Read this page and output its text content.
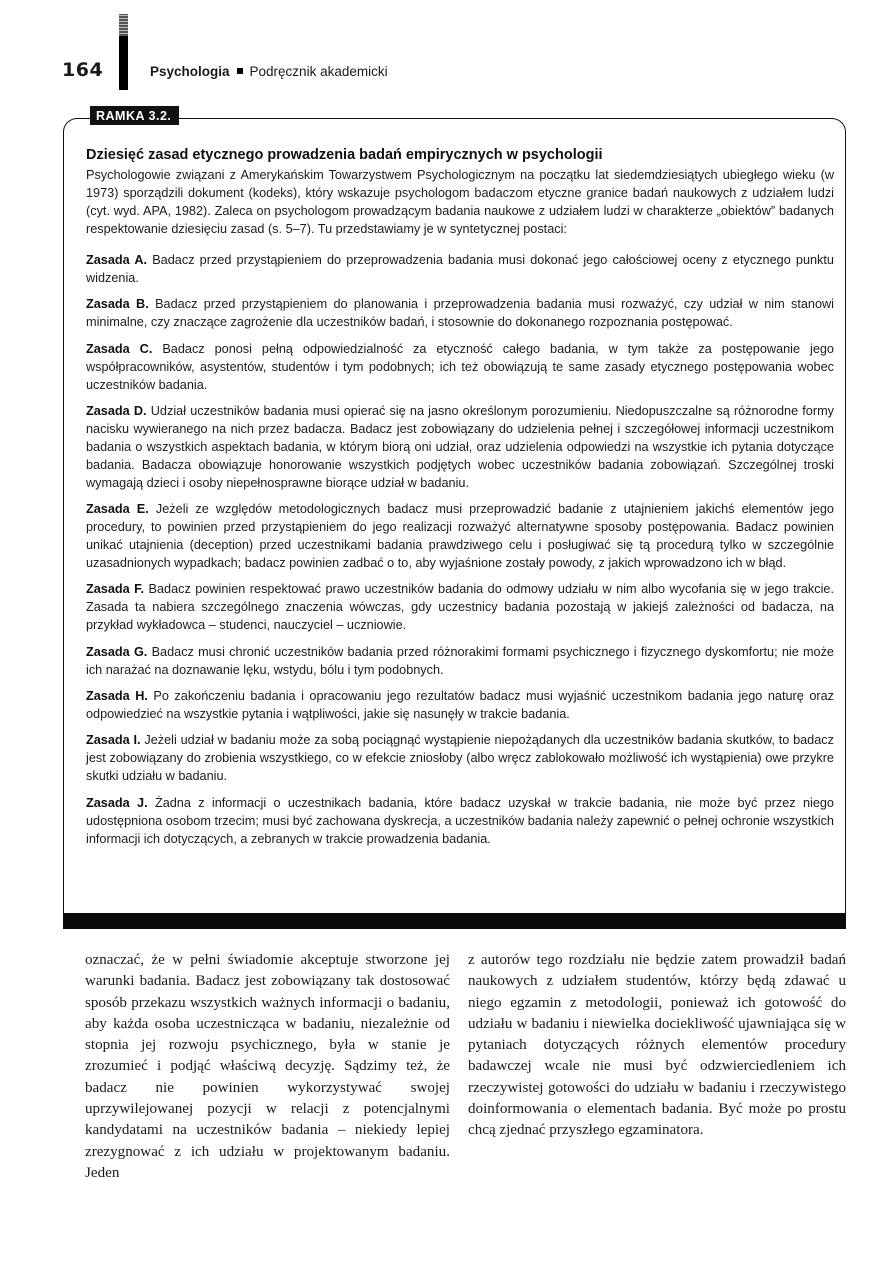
164	Psychologia Podręcznik akademicki
RAMKA 3.2.
Dziesięć zasad etycznego prowadzenia badań empirycznych w psychologii
Psychologowie związani z Amerykańskim Towarzystwem Psychologicznym na początku lat siedemdziesiątych ubiegłego wieku (w 1973) sporządzili dokument (kodeks), który wskazuje psychologom badaczom etyczne granice badań naukowych z udziałem ludzi (cyt. wyd. APA, 1982). Zaleca on psychologom prowadzącym badania naukowe z udziałem ludzi w charakterze „obiektów” badanych respektowanie dziesięciu zasad (s. 5–7). Tu przedstawiamy je w syntetycznej postaci:
Zasada A. Badacz przed przystąpieniem do przeprowadzenia badania musi dokonać jego całościowej oceny z etycznego punktu widzenia.
Zasada B. Badacz przed przystąpieniem do planowania i przeprowadzenia badania musi rozważyć, czy udział w nim stanowi minimalne, czy znaczące zagrożenie dla uczestników badań, i stosownie do dokonanego rozpoznania postępować.
Zasada C. Badacz ponosi pełną odpowiedzialność za etyczność całego badania, w tym także za postępowanie jego współpracowników, asystentów, studentów i tym podobnych; ich też obowiązują te same zasady etycznego postępowania wobec uczestników badania.
Zasada D. Udział uczestników badania musi opierać się na jasno określonym porozumieniu. Niedopuszczalne są różnorodne formy nacisku wywieranego na nich przez badacza. Badacz jest zobowiązany do udzielenia pełnej i szczegółowej informacji uczestnikom badania o wszystkich aspektach badania, w którym biorą oni udział, oraz udzielenia odpowiedzi na wszystkie ich pytania dotyczące badania. Badacza obowiązuje honorowanie wszystkich podjętych wobec uczestników badania zobowiązań. Szczególnej troski wymagają dzieci i osoby niepełnosprawne biorące udział w badaniu.
Zasada E. Jeżeli ze względów metodologicznych badacz musi przeprowadzić badanie z utajnieniem jakichś elementów jego procedury, to powinien przed przystąpieniem do jego realizacji rozważyć alternatywne sposoby postępowania. Badacz powinien unikać utajnienia (deception) przed uczestnikami badania prawdziwego celu i posługiwać się tą procedurą tylko w szczególnie uzasadnionych wypadkach; badacz powinien zadbać o to, aby wyjaśnione zostały powody, z jakich wprowadzono ich w błąd.
Zasada F. Badacz powinien respektować prawo uczestników badania do odmowy udziału w nim albo wycofania się w jego trakcie. Zasada ta nabiera szczególnego znaczenia wówczas, gdy uczestnicy badania pozostają w jakiejś zależności od badacza, na przykład wykładowca – studenci, nauczyciel – uczniowie.
Zasada G. Badacz musi chronić uczestników badania przed różnorakimi formami psychicznego i fizycznego dyskomfortu; nie może ich narażać na doznawanie lęku, wstydu, bólu i tym podobnych.
Zasada H. Po zakończeniu badania i opracowaniu jego rezultatów badacz musi wyjaśnić uczestnikom badania jego naturę oraz odpowiedzieć na wszystkie pytania i wątpliwości, jakie się nasunęły w trakcie badania.
Zasada I. Jeżeli udział w badaniu może za sobą pociągnąć wystąpienie niepożądanych dla uczestników badania skutków, to badacz jest zobowiązany do zrobienia wszystkiego, co w efekcie zniosłoby (albo wręcz zablokowało możliwość ich wystąpienia) owe przykre skutki udziału w badaniu.
Zasada J. Żadna z informacji o uczestnikach badania, które badacz uzyskał w trakcie badania, nie może być przez niego udostępniona osobom trzecim; musi być zachowana dyskrecja, a uczestników badania należy zapewnić o pełnej ochronie wszystkich informacji ich dotyczących, a zebranych w trakcie prowadzenia badania.
oznaczać, że w pełni świadomie akceptuje stworzone jej warunki badania. Badacz jest zobowiązany tak dostosować sposób przekazu wszystkich ważnych informacji o badaniu, aby każda osoba uczestnicząca w badaniu, niezależnie od stopnia jej rozwoju psychicznego, była w stanie je zrozumieć i podjąć właściwą decyzję. Sądzimy też, że badacz nie powinien wykorzystywać swojej uprzywilejowanej pozycji w relacji z potencjalnymi kandydatami na uczestników badania – niekiedy lepiej zrezygnować z ich udziału w projektowanym badaniu. Jeden
z autorów tego rozdziału nie będzie zatem prowadził badań naukowych z udziałem studentów, którzy będą zdawać u niego egzamin z metodologii, ponieważ ich gotowość do udziału w badaniu i niewielka dociekliwość ujawniająca się w pytaniach dotyczących różnych elementów procedury badawczej wcale nie musi być odzwierciedleniem ich rzeczywistej gotowości do udziału w badaniu i rzeczywistego doinformowania o elementach badania. Być może po prostu chcą zjednać przyszłego egzaminatora.
